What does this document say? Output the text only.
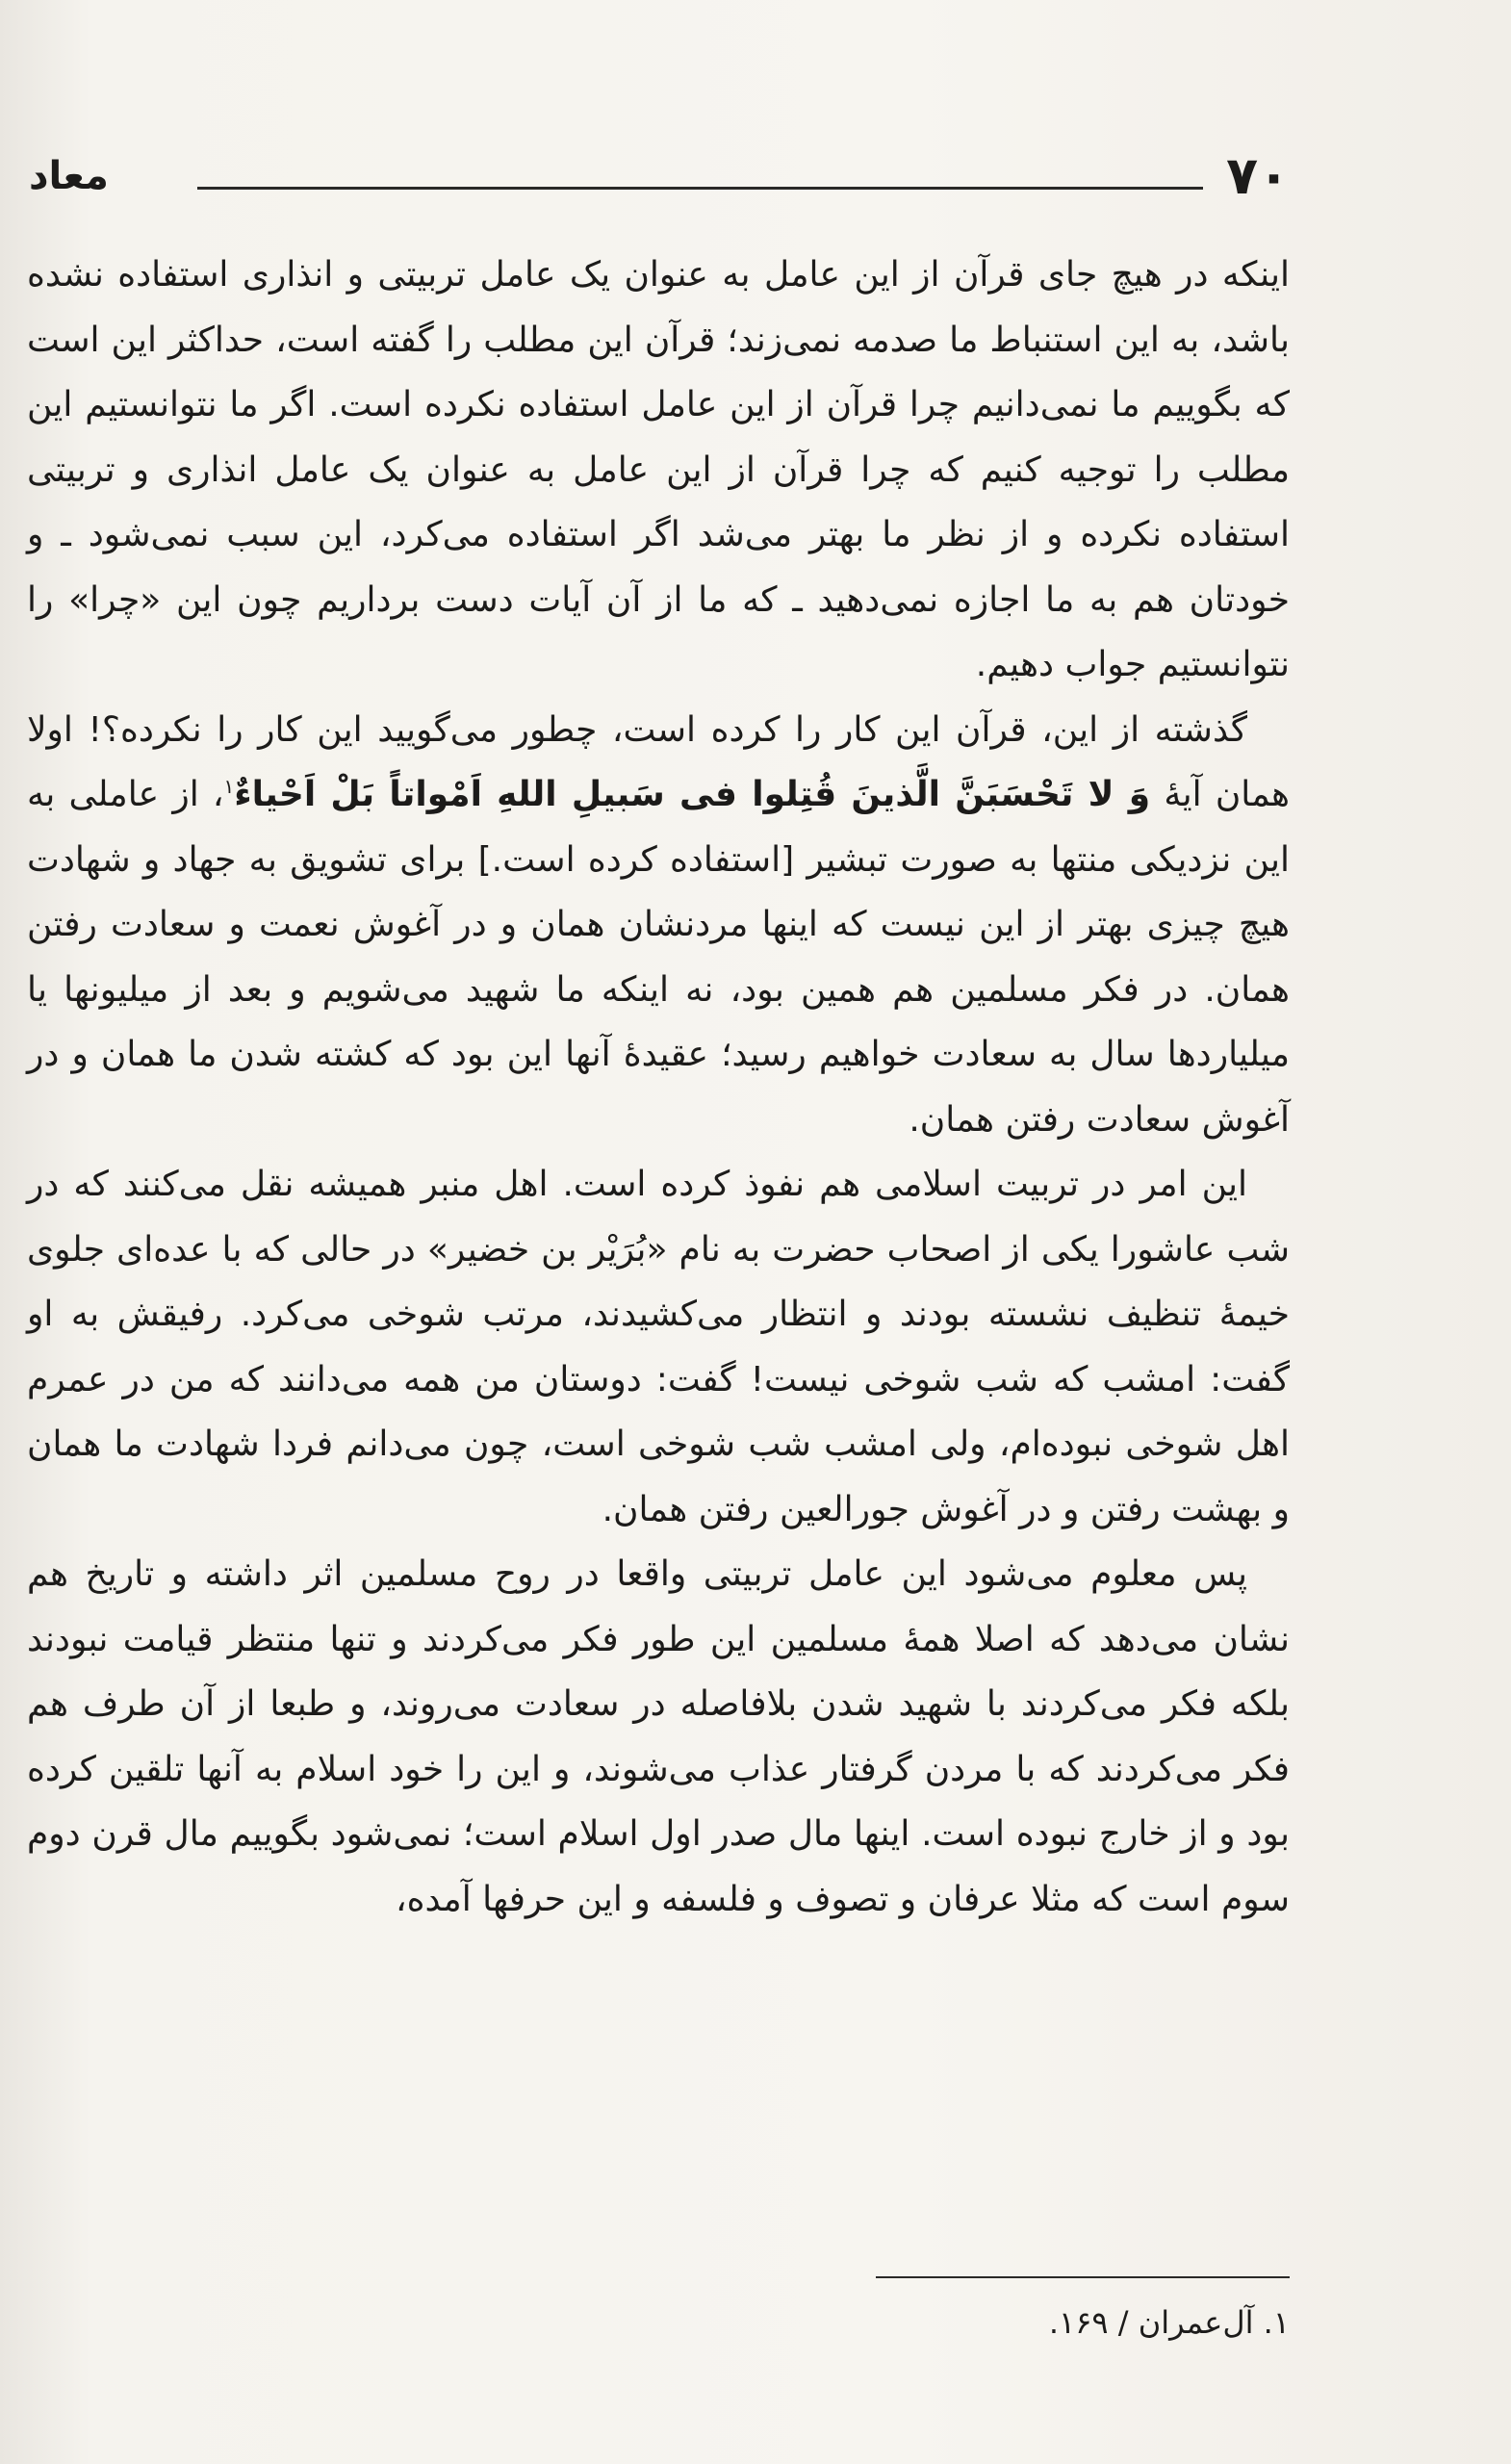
۷۰
معاد

اینکه در هیچ جای قرآن از این عامل به عنوان یک عامل تربیتی و انذاری استفاده نشده باشد، به این استنباط ما صدمه نمی‌زند؛ قرآن این مطلب را گفته است، حداکثر این است که بگوییم ما نمی‌دانیم چرا قرآن از این عامل استفاده نکرده است. اگر ما نتوانستیم این مطلب را توجیه کنیم که چرا قرآن از این عامل به عنوان یک عامل انذاری و تربیتی استفاده نکرده و از نظر ما بهتر می‌شد اگر استفاده می‌کرد، این سبب نمی‌شود ـ و خودتان هم به ما اجازه نمی‌دهید ـ که ما از آن آیات دست برداریم چون این «چرا» را نتوانستیم جواب دهیم.

گذشته از این، قرآن این کار را کرده است، چطور می‌گویید این کار را نکرده؟! اولا همان آیهٔ وَ لا تَحْسَبَنَّ الَّذینَ قُتِلوا فی سَبیلِ اللهِ اَمْواتاً بَلْ اَحْیاءٌ$^۱$، از عاملی به این نزدیکی منتها به صورت تبشیر [استفاده کرده است.] برای تشویق به جهاد و شهادت هیچ چیزی بهتر از این نیست که اینها مردنشان همان و در آغوش نعمت و سعادت رفتن همان. در فکر مسلمین هم همین بود، نه اینکه ما شهید می‌شویم و بعد از میلیونها یا میلیاردها سال به سعادت خواهیم رسید؛ عقیدهٔ آنها این بود که کشته شدن ما همان و در آغوش سعادت رفتن همان.

این امر در تربیت اسلامی هم نفوذ کرده است. اهل منبر همیشه نقل می‌کنند که در شب عاشورا یکی از اصحاب حضرت به نام «بُرَیْر بن خضیر» در حالی که با عده‌ای جلوی خیمهٔ تنظیف نشسته بودند و انتظار می‌کشیدند، مرتب شوخی می‌کرد. رفیقش به او گفت: امشب که شب شوخی نیست! گفت: دوستان من همه می‌دانند که من در عمرم اهل شوخی نبوده‌ام، ولی امشب شب شوخی است، چون می‌دانم فردا شهادت ما همان و بهشت رفتن و در آغوش جورالعین رفتن همان.

پس معلوم می‌شود این عامل تربیتی واقعا در روح مسلمین اثر داشته و تاریخ هم نشان می‌دهد که اصلا همهٔ مسلمین این طور فکر می‌کردند و تنها منتظر قیامت نبودند بلکه فکر می‌کردند با شهید شدن بلافاصله در سعادت می‌روند، و طبعا از آن طرف هم فکر می‌کردند که با مردن گرفتار عذاب می‌شوند، و این را خود اسلام به آنها تلقین کرده بود و از خارج نبوده است. اینها مال صدر اول اسلام است؛ نمی‌شود بگوییم مال قرن دوم سوم است که مثلا عرفان و تصوف و فلسفه و این حرفها آمده،

۱. آل‌عمران / ۱۶۹.
